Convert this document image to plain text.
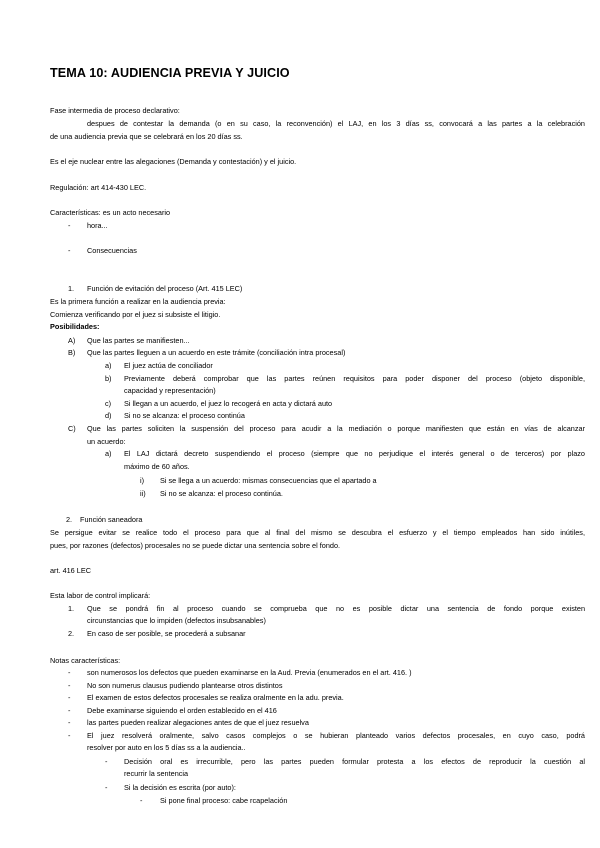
TEMA 10: AUDIENCIA PREVIA Y JUICIO
Fase intermedia de proceso declarativo:
despues de contestar la demanda (o en su caso, la reconvención) el LAJ, en los 3 días ss, convocará a las partes a la celebración
de una audiencia previa que se celebrará en los 20 días ss.
Es el eje nuclear entre las alegaciones (Demanda y contestación) y el juicio.
Regulación: art 414-430 LEC.
Características: es un acto necesario
- hora...
- Consecuencias
1. Función de evitación del proceso (Art. 415 LEC)
Es la primera función a realizar en la audiencia previa:
Comienza verificando por el juez si subsiste el litigio.
Posibilidades:
A) Que las partes se manifiesten...
B) Que las partes lleguen a un acuerdo en este trámite (conciliación intra procesal)
a) El juez actúa de conciliador
b) Previamente deberá comprobar que las partes reúnen requisitos para poder disponer del proceso (objeto disponible,
capacidad y representación)
c) Si llegan a un acuerdo, el juez lo recogerá en acta y dictará auto
d) Si no se alcanza: el proceso continúa
C) Que las partes soliciten la suspensión del proceso para acudir a la mediación o porque manifiesten que están en vías de alcanzar
un acuerdo:
a) El LAJ dictará decreto suspendiendo el proceso (siempre que no perjudique el interés general o de terceros) por plazo
máximo de 60 años.
i) Si se llega a un acuerdo: mismas consecuencias que el apartado a
ii) Si no se alcanza: el proceso continúa.
2. Función saneadora
Se persigue evitar se realice todo el proceso para que al final del mismo se descubra el esfuerzo y el tiempo empleados han sido inútiles,
pues, por razones (defectos) procesales no se puede dictar una sentencia sobre el fondo.
art. 416 LEC
Esta labor de control implicará:
1. Que se pondrá fin al proceso cuando se comprueba que no es posible dictar una sentencia de fondo porque existen
circunstancias que lo impiden (defectos insubsanables)
2. En caso de ser posible, se procederá a subsanar
Notas características:
- son numerosos los defectos que pueden examinarse en la Aud. Previa (enumerados en el art. 416. )
- No son numerus clausus pudiendo plantearse otros distintos
- El examen de estos defectos procesales se realiza oralmente en la adu. previa.
- Debe examinarse siguiendo el orden establecido en el 416
- las partes pueden realizar alegaciones antes de que el juez resuelva
- El juez resolverá oralmente, salvo casos complejos o se hubieran planteado varios defectos procesales, en cuyo caso, podrá
resolver por auto en los 5 días ss a la audiencia..
- Decisión oral es irrecurrible, pero las partes pueden formular protesta a los efectos de reproducir la cuestión al
recurrir la sentencia
- Si la decisión es escrita (por auto):
- Si pone final proceso: cabe rcapelación
